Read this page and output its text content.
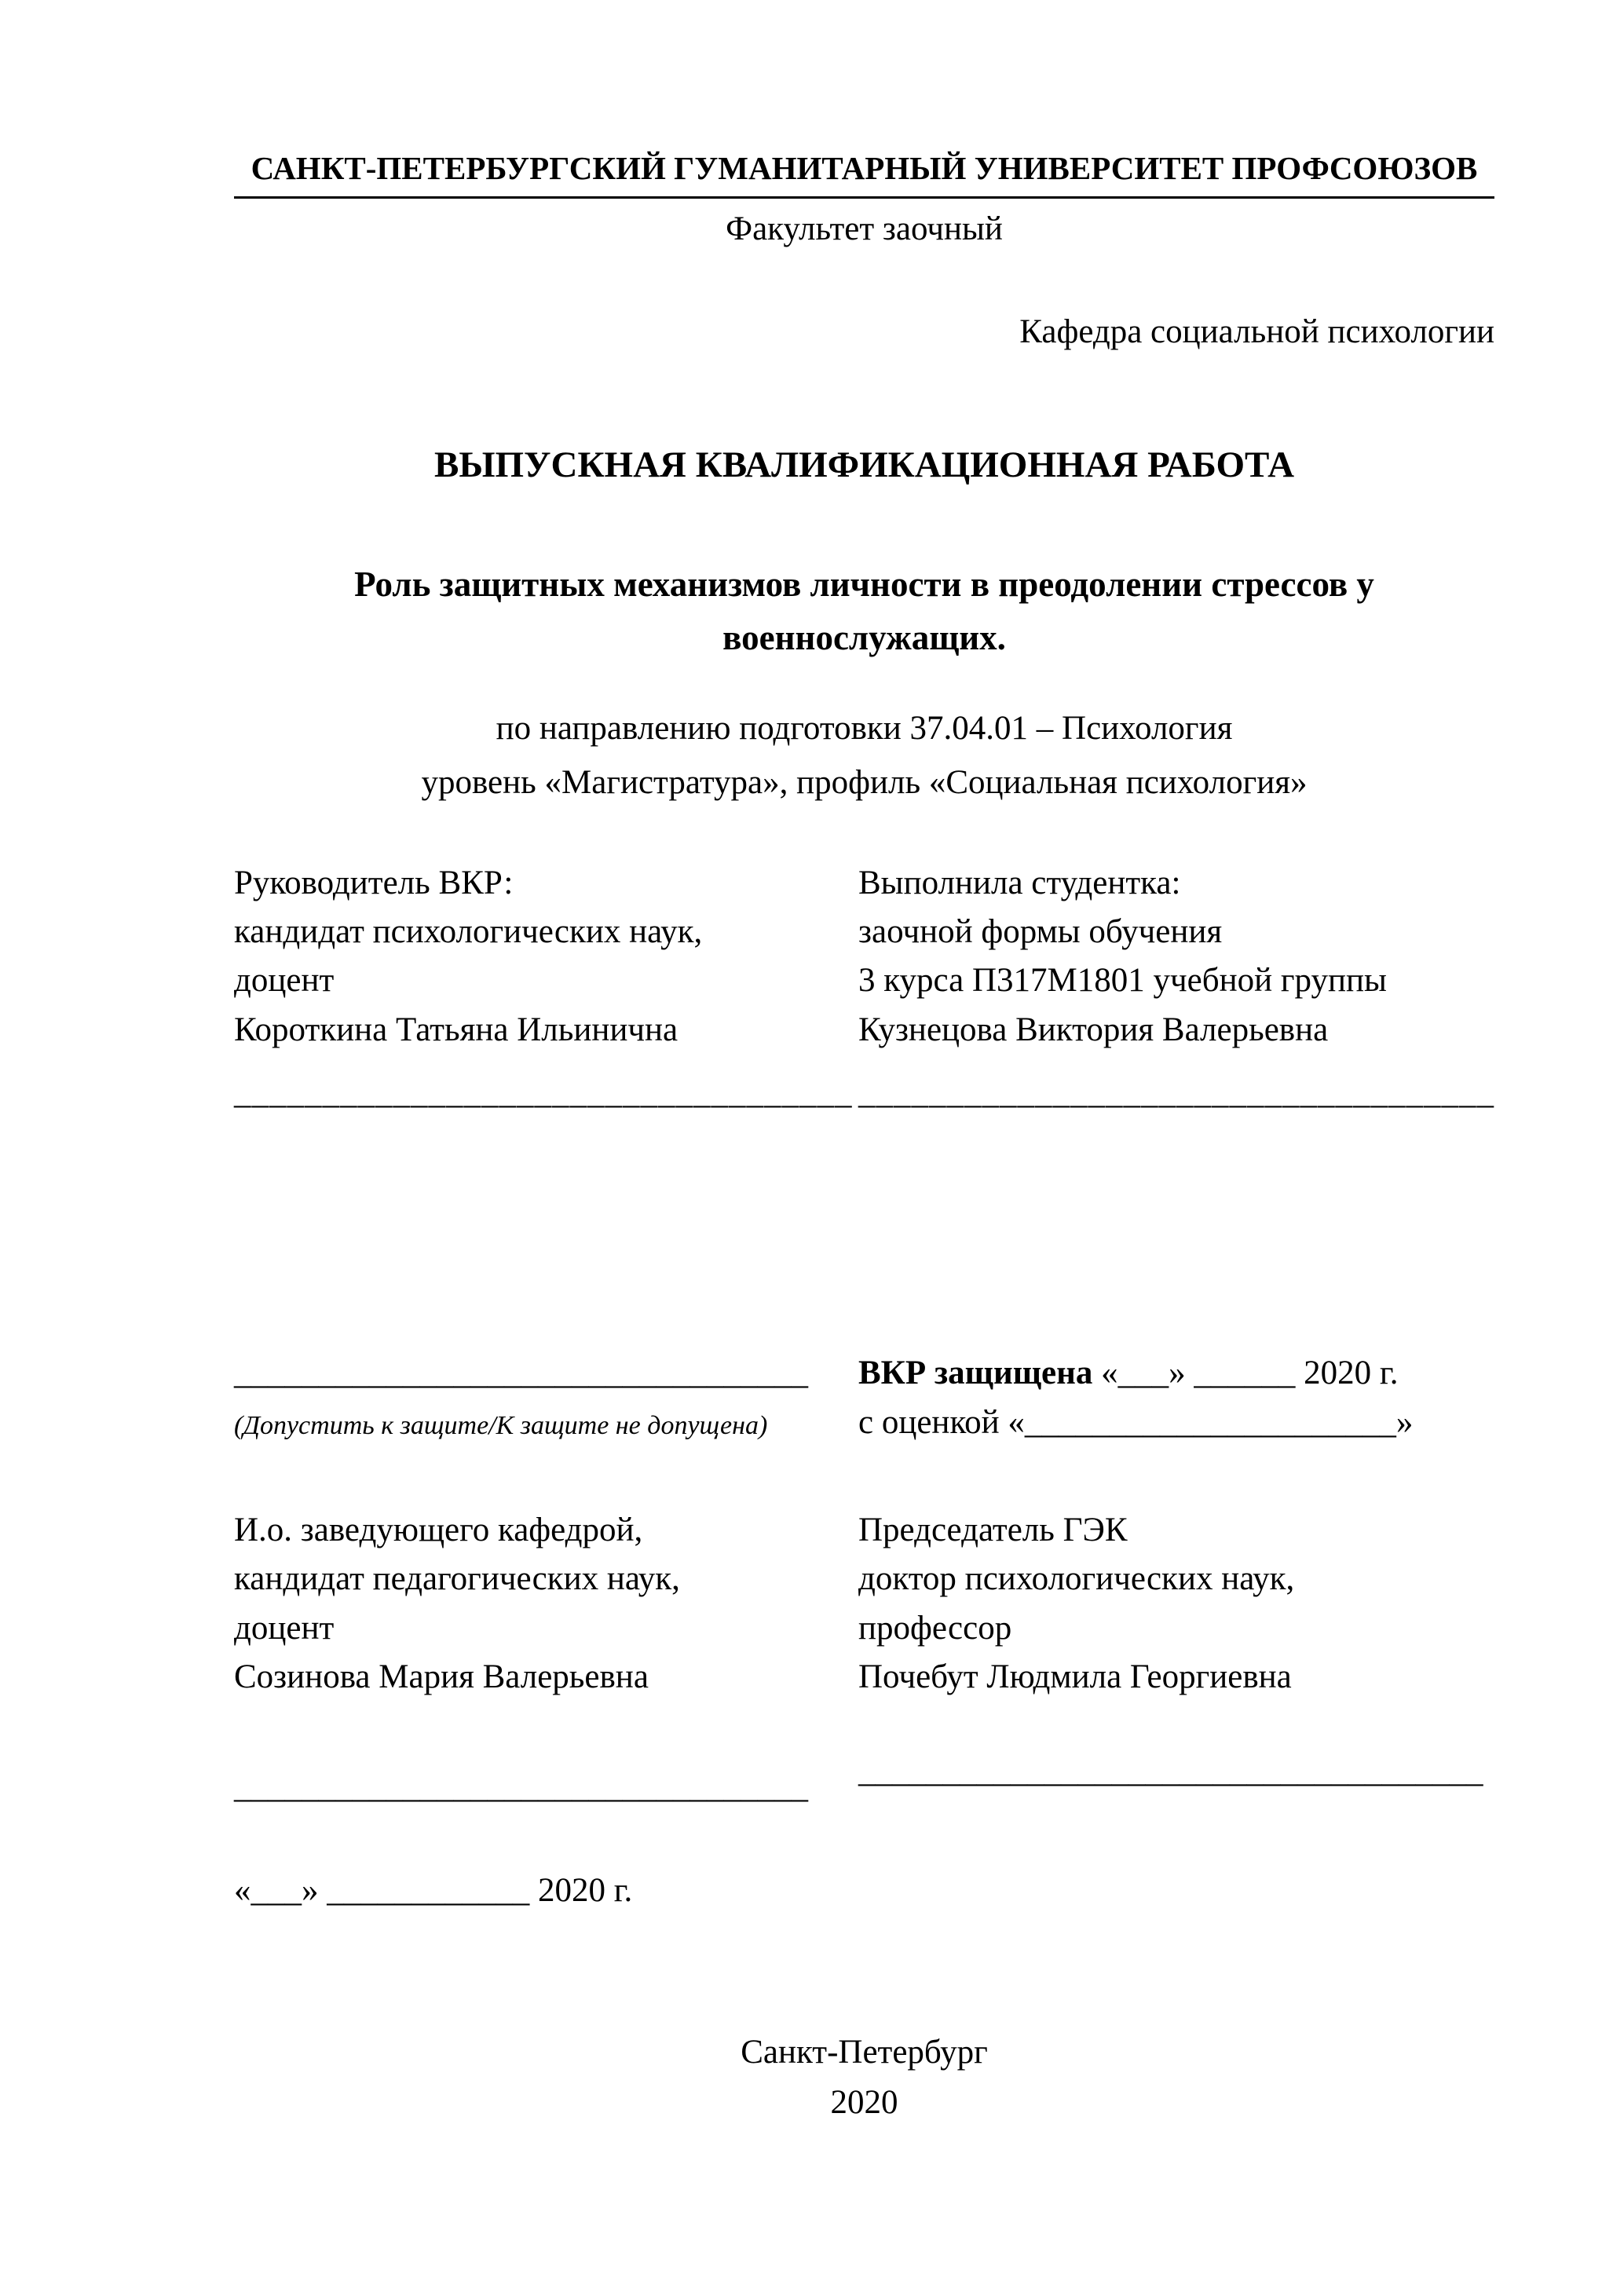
САНКТ-ПЕТЕРБУРГСКИЙ ГУМАНИТАРНЫЙ УНИВЕРСИТЕТ ПРОФСОЮЗОВ
Факультет заочный
Кафедра социальной психологии
ВЫПУСКНАЯ КВАЛИФИКАЦИОННАЯ РАБОТА
Роль защитных механизмов личности в преодолении стрессов у
военнослужащих.
по направлению подготовки 37.04.01 – Психология
уровень «Магистратура», профиль «Социальная психология»
Руководитель ВКР:
кандидат психологических наук,
доцент
Короткина Татьяна Ильинична
___________________________________
Выполнила студентка:
заочной формы обучения
3 курса П317М1801 учебной группы
Кузнецова Виктория Валерьевна
____________________________________
__________________________________
(Допустить к защите/К защите не допущена)
ВКР защищена «___» ______ 2020 г.
с оценкой «______________________»
И.о. заведующего кафедрой,
кандидат педагогических наук,
доцент
Созинова Мария Валерьевна
__________________________________
Председатель ГЭК
доктор психологических наук,
профессор
Почебут Людмила Георгиевна
_____________________________________
«___» ____________ 2020 г.
Санкт-Петербург
2020
